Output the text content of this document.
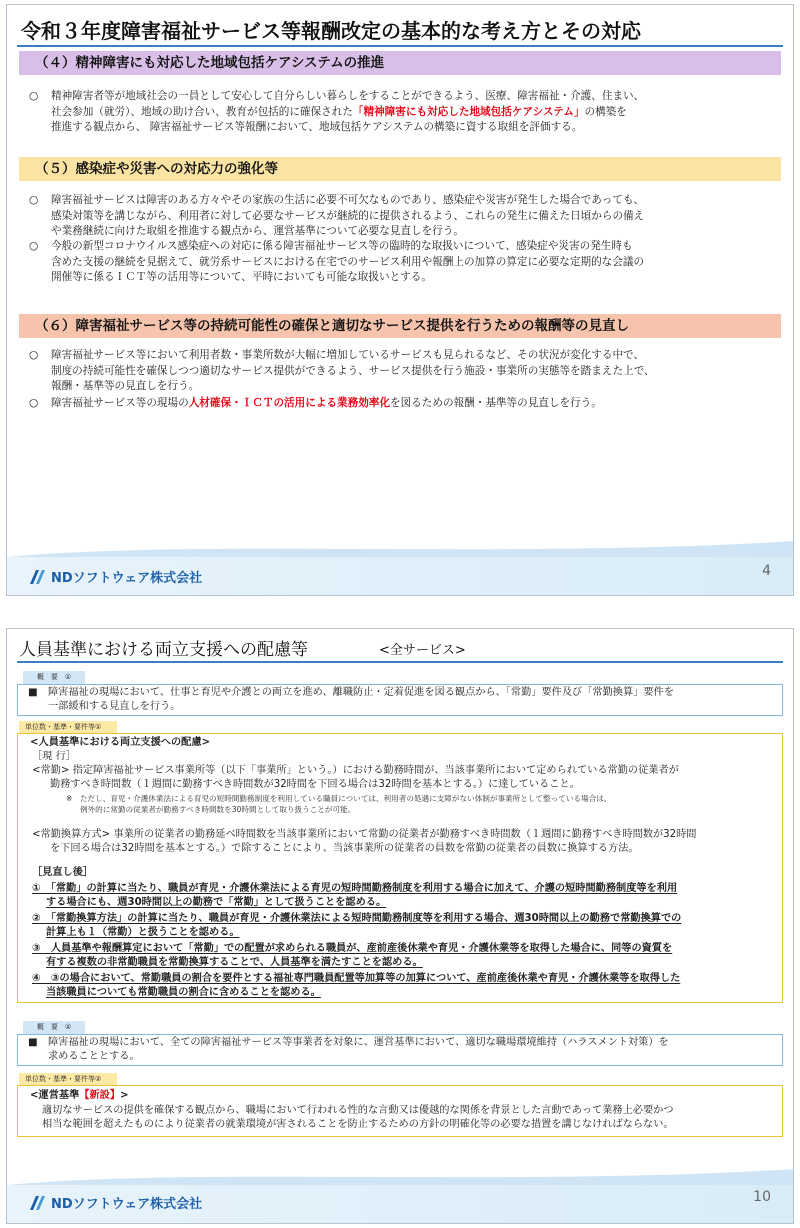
令和３年度障害福祉サービス等報酬改定の基本的な考え方とその対応
（４）精神障害にも対応した地域包括ケアシステムの推進
○	精神障害者等が地域社会の一員として安心して自分らしい暮らしをすることができるよう、医療、障害福祉・介護、住まい、
社会参加（就労）、地域の助け合い、教育が包括的に確保された「精神障害にも対応した地域包括ケアシステム」の構築を
推進する観点から、 障害福祉サービス等報酬において、地域包括ケアシステムの構築に資する取組を評価する。
（５）感染症や災害への対応力の強化等
○	障害福祉サービスは障害のある方々やその家族の生活に必要不可欠なものであり、感染症や災害が発生した場合であっても、
感染対策等を講じながら、利用者に対して必要なサービスが継続的に提供されるよう、これらの発生に備えた日頃からの備え
や業務継続に向けた取組を推進する観点から、運営基準について必要な見直しを行う。
○	今般の新型コロナウイルス感染症への対応に係る障害福祉サービス等の臨時的な取扱いについて、感染症や災害の発生時も
含めた支援の継続を見据えて、就労系サービスにおける在宅でのサービス利用や報酬上の加算の算定に必要な定期的な会議の
開催等に係るＩＣＴ等の活用等について、平時においても可能な取扱いとする。
（６）障害福祉サービス等の持続可能性の確保と適切なサービス提供を行うための報酬等の見直し
○	障害福祉サービス等において利用者数・事業所数が大幅に増加しているサービスも見られるなど、その状況が変化する中で、
制度の持続可能性を確保しつつ適切なサービス提供ができるよう、サービス提供を行う施設・事業所の実態等を踏まえた上で、
報酬・基準等の見直しを行う。
○	障害福祉サービス等の現場の人材確保・ＩＣＴの活用による業務効率化を図るための報酬・基準等の見直しを行う。
NDソフトウェア株式会社	4
人員基準における両立支援への配慮等	<全サービス>
概　要　①
■ 障害福祉の現場において、仕事と育児や介護との両立を進め、離職防止・定着促進を図る観点から、「常勤」要件及び「常勤換算」要件を
一部緩和する見直しを行う。
単位数・基準・要件等①
<人員基準における両立支援への配慮>
［現 行］
<常勤> 指定障害福祉サービス事業所等（以下「事業所」という。）における勤務時間が、当該事業所において定められている常勤の従業者が
勤務すべき時間数（１週間に勤務すべき時間数が32時間を下回る場合は32時間を基本とする。）に達していること。
※　ただし、育児・介護休業法による育児の短時間勤務制度を利用している職員については、利用者の処遇に支障がない体制が事業所として整っている場合は、
例外的に常勤の従業者が勤務すべき時間数を30時間として取り扱うことが可能。
<常勤換算方式> 事業所の従業者の勤務延べ時間数を当該事業所において常勤の従業者が勤務すべき時間数（１週間に勤務すべき時間数が32時間
を下回る場合は32時間を基本とする。）で除することにより、当該事業所の従業者の員数を常勤の従業者の員数に換算する方法。
［見直し後］
①　「常勤」の計算に当たり、職員が育児・介護休業法による育児の短時間勤務制度を利用する場合に加えて、介護の短時間勤務制度等を利用
する場合にも、週30時間以上の勤務で「常勤」として扱うことを認める。
②　「常勤換算方法」の計算に当たり、職員が育児・介護休業法による短時間勤務制度等を利用する場合、週30時間以上の勤務で常勤換算での
計算上も１（常勤）と扱うことを認める。
③　人員基準や報酬算定において「常勤」での配置が求められる職員が、産前産後休業や育児・介護休業等を取得した場合に、同等の資質を
有する複数の非常勤職員を常勤換算することで、人員基準を満たすことを認める。
④　③の場合において、常勤職員の割合を要件とする福祉専門職員配置等加算等の加算について、産前産後休業や育児・介護休業等を取得した
当該職員についても常勤職員の割合に含めることを認める。
概　要　②
■ 障害福祉の現場において、全ての障害福祉サービス等事業者を対象に、運営基準において、適切な職場環境維持（ハラスメント対策）を
求めることとする。
単位数・基準・要件等②
<運営基準【新設】>
適切なサービスの提供を確保する観点から、職場において行われる性的な言動又は優越的な関係を背景とした言動であって業務上必要かつ
相当な範囲を超えたものにより従業者の就業環境が害されることを防止するための方針の明確化等の必要な措置を講じなければならない。
NDソフトウェア株式会社	10
